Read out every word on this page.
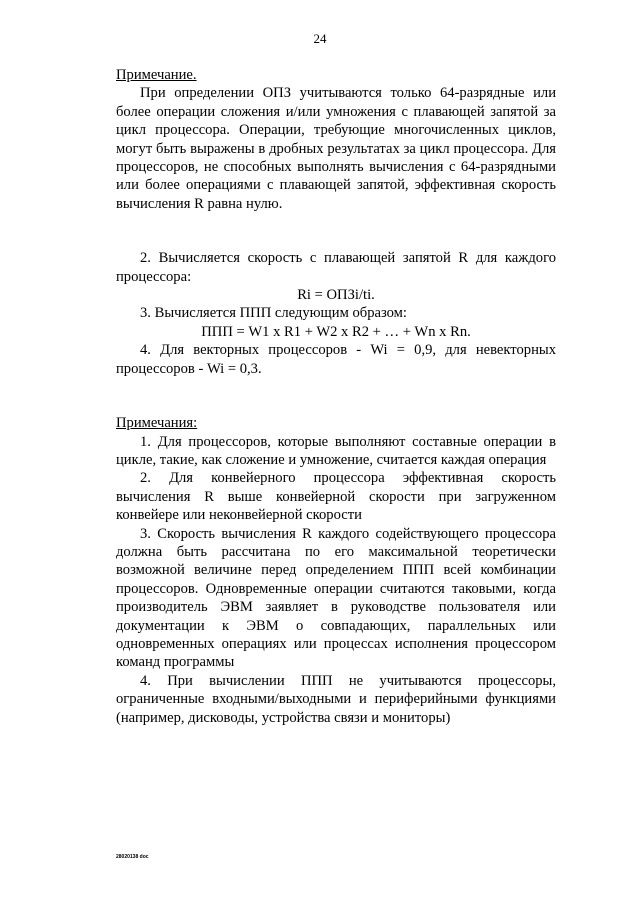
24

Примечание.

При определении ОПЗ учитываются только 64-разрядные или более операции сложения и/или умножения с плавающей запятой за цикл процессора. Операции, требующие многочисленных циклов, могут быть выражены в дробных результатах за цикл процессора. Для процессоров, не способных выполнять вычисления с 64-разрядными или более операциями с плавающей запятой, эффективная скорость вычисления R равна нулю.

2. Вычисляется скорость с плавающей запятой R для каждого процессора:

Ri = ОПЗi/ti.

3. Вычисляется ППП следующим образом:

ППП = W1 x R1 + W2 x R2 + … + Wn x Rn.

4. Для векторных процессоров - Wi = 0,9, для невекторных процессоров - Wi = 0,3.

Примечания:

1. Для процессоров, которые выполняют составные операции в цикле, такие, как сложение и умножение, считается каждая операция

2. Для конвейерного процессора эффективная скорость вычисления R выше конвейерной скорости при загруженном конвейере или неконвейерной скорости

3. Скорость вычисления R каждого содействующего процессора должна быть рассчитана по его максимальной теоретически возможной величине перед определением ППП всей комбинации процессоров. Одновременные операции считаются таковыми, когда производитель ЭВМ заявляет в руководстве пользователя или документации к ЭВМ о совпадающих, параллельных или одновременных операциях или процессах исполнения процессором команд программы

4. При вычислении ППП не учитываются процессоры, ограниченные входными/выходными и периферийными функциями (например, дисководы, устройства связи и мониторы)

28020138 doc
